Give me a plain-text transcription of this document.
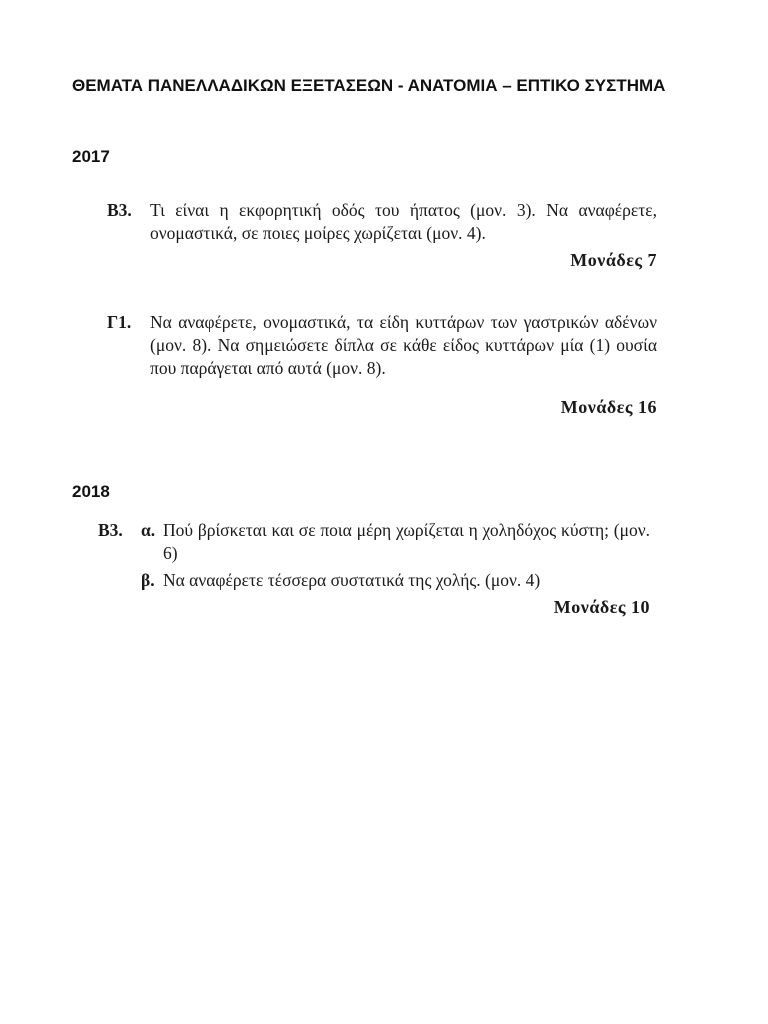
ΘΕΜΑΤΑ ΠΑΝΕΛΛΑΔΙΚΩΝ ΕΞΕΤΑΣΕΩΝ - ΑΝΑΤΟΜΙΑ – ΕΠΤΙΚΟ ΣΥΣΤΗΜΑ
2017
Β3. Τι είναι η εκφορητική οδός του ήπατος (μον. 3). Να αναφέρετε, ονομαστικά, σε ποιες μοίρες χωρίζεται (μον. 4).
Μονάδες 7
Γ1. Να αναφέρετε, ονομαστικά, τα είδη κυττάρων των γαστρικών αδένων (μον. 8). Να σημειώσετε δίπλα σε κάθε είδος κυττάρων μία (1) ουσία που παράγεται από αυτά (μον. 8).
Μονάδες 16
2018
Β3. α. Πού βρίσκεται και σε ποια μέρη χωρίζεται η χοληδόχος κύστη; (μον. 6)
β. Να αναφέρετε τέσσερα συστατικά της χολής. (μον. 4)
Μονάδες 10
